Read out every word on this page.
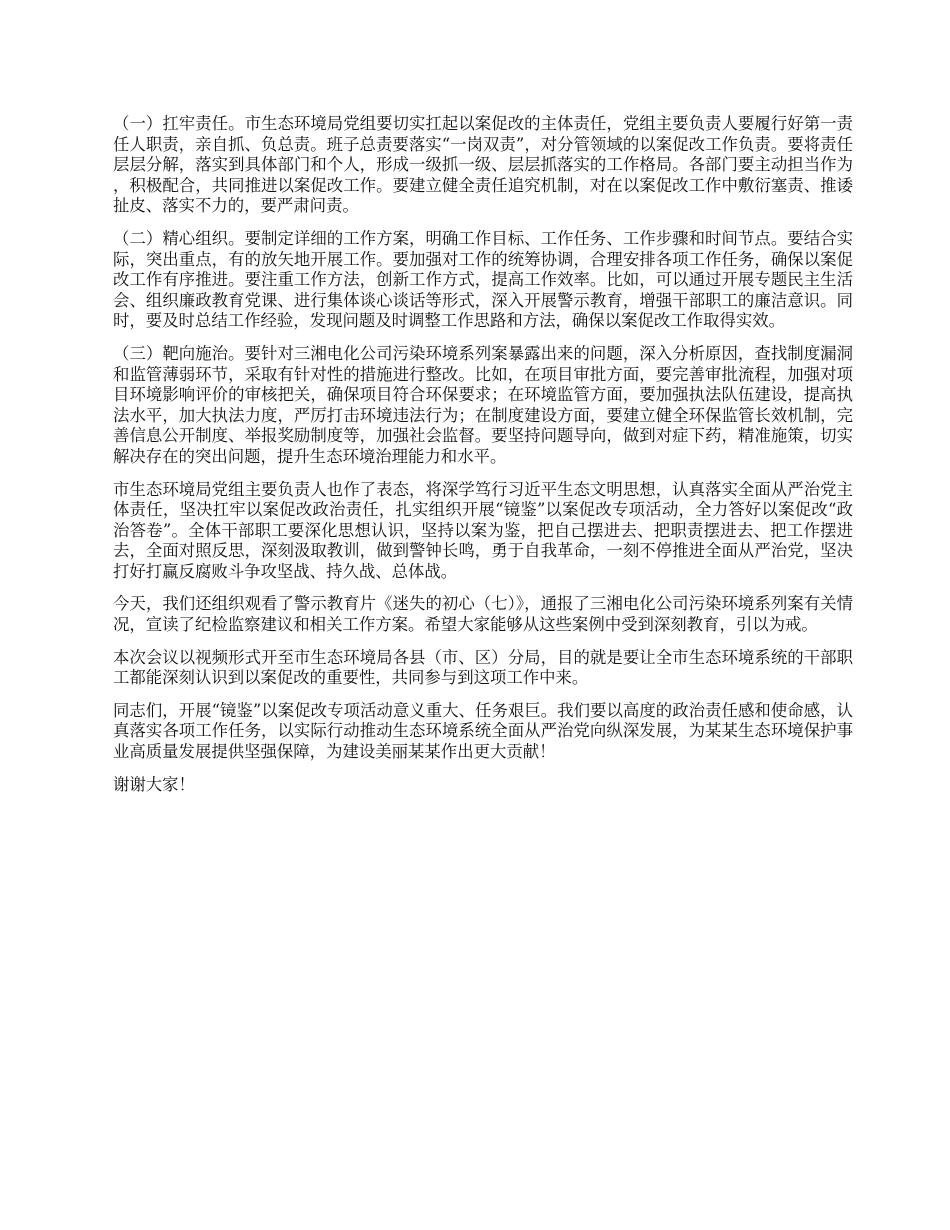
（一）扛牢责任。市生态环境局党组要切实扛起以案促改的主体责任，党组主要负责人要履行好第一责任人职责，亲自抓、负总责。班子总责要落实“一岗双责”，对分管领域的以案促改工作负责。要将责任层层分解，落实到具体部门和个人，形成一级抓一级、层层抓落实的工作格局。各部门要主动担当作为，积极配合，共同推进以案促改工作。要建立健全责任追究机制，对在以案促改工作中敷衍塞责、推诿扯皮、落实不力的，要严肃问责。

（二）精心组织。要制定详细的工作方案，明确工作目标、工作任务、工作步骤和时间节点。要结合实际，突出重点，有的放矢地开展工作。要加强对工作的统筹协调，合理安排各项工作任务，确保以案促改工作有序推进。要注重工作方法，创新工作方式，提高工作效率。比如，可以通过开展专题民主生活会、组织廉政教育党课、进行集体谈心谈话等形式，深入开展警示教育，增强干部职工的廉洁意识。同时，要及时总结工作经验，发现问题及时调整工作思路和方法，确保以案促改工作取得实效。

（三）靶向施治。要针对三湘电化公司污染环境系列案暴露出来的问题，深入分析原因，查找制度漏洞和监管薄弱环节，采取有针对性的措施进行整改。比如，在项目审批方面，要完善审批流程，加强对项目环境影响评价的审核把关，确保项目符合环保要求；在环境监管方面，要加强执法队伍建设，提高执法水平，加大执法力度，严厉打击环境违法行为；在制度建设方面，要建立健全环保监管长效机制，完善信息公开制度、举报奖励制度等，加强社会监督。要坚持问题导向，做到对症下药，精准施策，切实解决存在的突出问题，提升生态环境治理能力和水平。

市生态环境局党组主要负责人也作了表态，将深学笃行习近平生态文明思想，认真落实全面从严治党主体责任，坚决扛牢以案促改政治责任，扎实组织开展“镜鉴”以案促改专项活动，全力答好以案促改“政治答卷”。全体干部职工要深化思想认识，坚持以案为鉴，把自己摆进去、把职责摆进去、把工作摆进去，全面对照反思，深刻汲取教训，做到警钟长鸣，勇于自我革命，一刻不停推进全面从严治党，坚决打好打赢反腐败斗争攻坚战、持久战、总体战。

今天，我们还组织观看了警示教育片《迷失的初心（七）》，通报了三湘电化公司污染环境系列案有关情况，宣读了纪检监察建议和相关工作方案。希望大家能够从这些案例中受到深刻教育，引以为戒。

本次会议以视频形式开至市生态环境局各县（市、区）分局，目的就是要让全市生态环境系统的干部职工都能深刻认识到以案促改的重要性，共同参与到这项工作中来。

同志们，开展“镜鉴”以案促改专项活动意义重大、任务艰巨。我们要以高度的政治责任感和使命感，认真落实各项工作任务，以实际行动推动生态环境系统全面从严治党向纵深发展，为某某生态环境保护事业高质量发展提供坚强保障，为建设美丽某某作出更大贡献！

谢谢大家！
